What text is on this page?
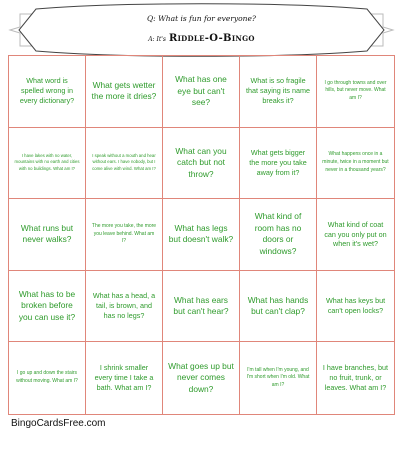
Q: What is fun for everyone?
A: It's Riddle-O-Bingo
What word is spelled wrong in every dictionary?
What gets wetter the more it dries?
What has one eye but can't see?
What is so fragile that saying its name breaks it?
I go through towns and over hills, but never move. What am I?
I have lakes with no water, mountains with no earth and cities with no buildings. What am I?
I speak without a mouth and hear without ears. I have nobody, but I come alive with wind. What am I?
What can you catch but not throw?
What gets bigger the more you take away from it?
What happens once in a minute, twice in a moment but never in a thousand years?
What runs but never walks?
The more you take, the more you leave behind. What am I?
What has legs but doesn't walk?
What kind of room has no doors or windows?
What kind of coat can you only put on when it's wet?
What has to be broken before you can use it?
What has a head, a tail, is brown, and has no legs?
What has ears but can't hear?
What has hands but can't clap?
What has keys but can't open locks?
I go up and down the stairs without moving. What am I?
I shrink smaller every time I take a bath. What am I?
What goes up but never comes down?
I'm tall when I'm young, and I'm short when I'm old. What am I?
I have branches, but no fruit, trunk, or leaves. What am I?
BingoCardsFree.com
